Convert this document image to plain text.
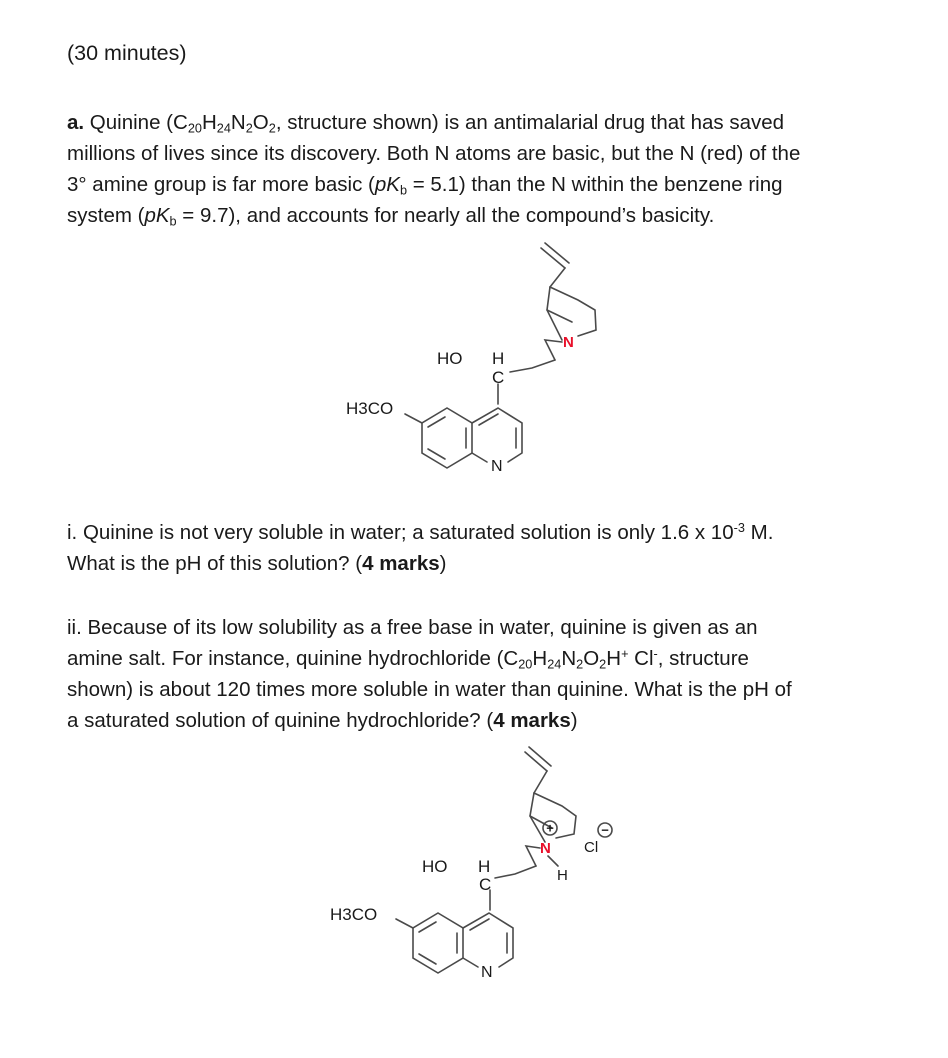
(30 minutes)
a. Quinine ($C_{20}H_{24}N_2O_2$, structure shown) is an antimalarial drug that has saved
millions of lives since its discovery. Both N atoms are basic, but the N (red) of the
3° amine group is far more basic $(pK_b = 5.1)$ than the N within the benzene ring
system $(pK_b = 9.7)$, and accounts for nearly all the compound’s basicity.
HO H
C
H3CO
N
N
i. Quinine is not very soluble in water; a saturated solution is only 1.6 x $10^{-3}$ M.
What is the pH of this solution? (4 marks)
ii. Because of its low solubility as a free base in water, quinine is given as an
amine salt. For instance, quinine hydrochloride ($C_{20}H_{24}N_2O_2H^+$ Cl-, structure
shown) is about 120 times more soluble in water than quinine. What is the pH of
a saturated solution of quinine hydrochloride? (4 marks)
+	−
HO H
C
H3CO
N
N
H
Cl
